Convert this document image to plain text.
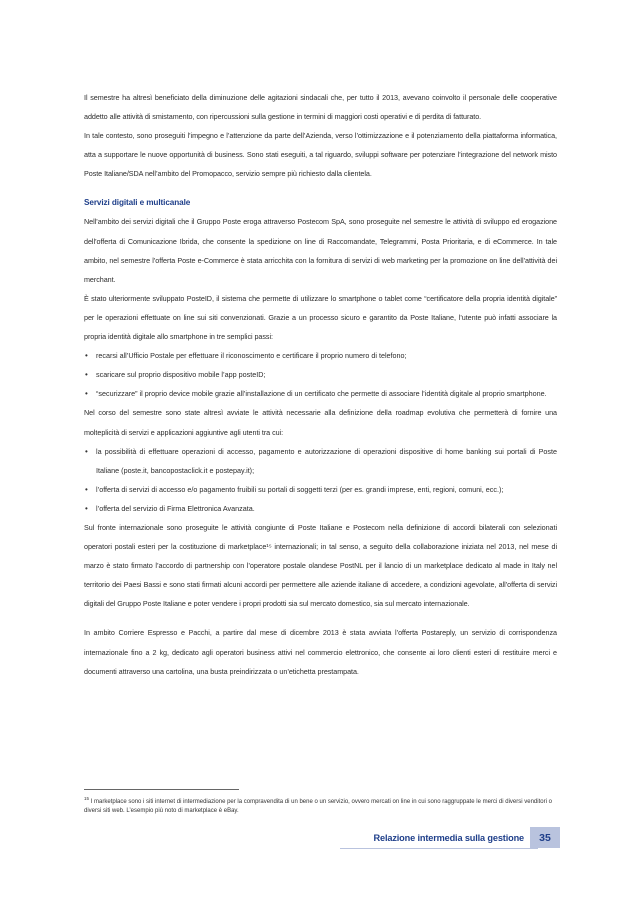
Il semestre ha altresì beneficiato della diminuzione delle agitazioni sindacali che, per tutto il 2013, avevano coinvolto il personale delle cooperative addetto alle attività di smistamento, con ripercussioni sulla gestione in termini di maggiori costi operativi e di perdita di fatturato.

In tale contesto, sono proseguiti l’impegno e l’attenzione da parte dell’Azienda, verso l’ottimizzazione e il potenziamento della piattaforma informatica, atta a supportare le nuove opportunità di business. Sono stati eseguiti, a tal riguardo, sviluppi software per potenziare l’integrazione del network misto Poste Italiane/SDA nell’ambito del Promopacco, servizio sempre più richiesto dalla clientela.

Servizi digitali e multicanale

Nell’ambito dei servizi digitali che il Gruppo Poste eroga attraverso Postecom SpA, sono proseguite nel semestre le attività di sviluppo ed erogazione dell’offerta di Comunicazione Ibrida, che consente la spedizione on line di Raccomandate, Telegrammi, Posta Prioritaria, e di eCommerce. In tale ambito, nel semestre l’offerta Poste e-Commerce è stata arricchita con la fornitura di servizi di web marketing per la promozione on line dell’attività dei merchant.

È stato ulteriormente sviluppato PosteID, il sistema che permette di utilizzare lo smartphone o tablet come “certificatore della propria identità digitale” per le operazioni effettuate on line sui siti convenzionati. Grazie a un processo sicuro e garantito da Poste Italiane, l’utente può infatti associare la propria identità digitale allo smartphone in tre semplici passi:

• recarsi all’Ufficio Postale per effettuare il riconoscimento e certificare il proprio numero di telefono;
• scaricare sul proprio dispositivo mobile l’app posteID;
• “securizzare” il proprio device mobile grazie all’installazione di un certificato che permette di associare l’identità digitale al proprio smartphone.

Nel corso del semestre sono state altresì avviate le attività necessarie alla definizione della roadmap evolutiva che permetterà di fornire una molteplicità di servizi e applicazioni aggiuntive agli utenti tra cui:

• la possibilità di effettuare operazioni di accesso, pagamento e autorizzazione di operazioni dispositive di home banking sui portali di Poste Italiane (poste.it, bancopostaclick.it e postepay.it);
• l’offerta di servizi di accesso e/o pagamento fruibili su portali di soggetti terzi (per es. grandi imprese, enti, regioni, comuni, ecc.);
• l’offerta del servizio di Firma Elettronica Avanzata.

Sul fronte internazionale sono proseguite le attività congiunte di Poste Italiane e Postecom nella definizione di accordi bilaterali con selezionati operatori postali esteri per la costituzione di marketplace¹⁵ internazionali; in tal senso, a seguito della collaborazione iniziata nel 2013, nel mese di marzo è stato firmato l’accordo di partnership con l’operatore postale olandese PostNL per il lancio di un marketplace dedicato al made in Italy nel territorio dei Paesi Bassi e sono stati firmati alcuni accordi per permettere alle aziende italiane di accedere, a condizioni agevolate, all’offerta di servizi digitali del Gruppo Poste Italiane e poter vendere i propri prodotti sia sul mercato domestico, sia sul mercato internazionale.

In ambito Corriere Espresso e Pacchi, a partire dal mese di dicembre 2013 è stata avviata l’offerta Postareply, un servizio di corrispondenza internazionale fino a 2 kg, dedicato agli operatori business attivi nel commercio elettronico, che consente ai loro clienti esteri di restituire merci e documenti attraverso una cartolina, una busta preindirizzata o un’etichetta prestampata.

$^{15}$ I marketplace sono i siti internet di intermediazione per la compravendita di un bene o un servizio, ovvero mercati on line in cui sono raggruppate le merci di diversi venditori o diversi siti web. L’esempio più noto di marketplace è eBay.
Relazione intermedia sulla gestione	35
